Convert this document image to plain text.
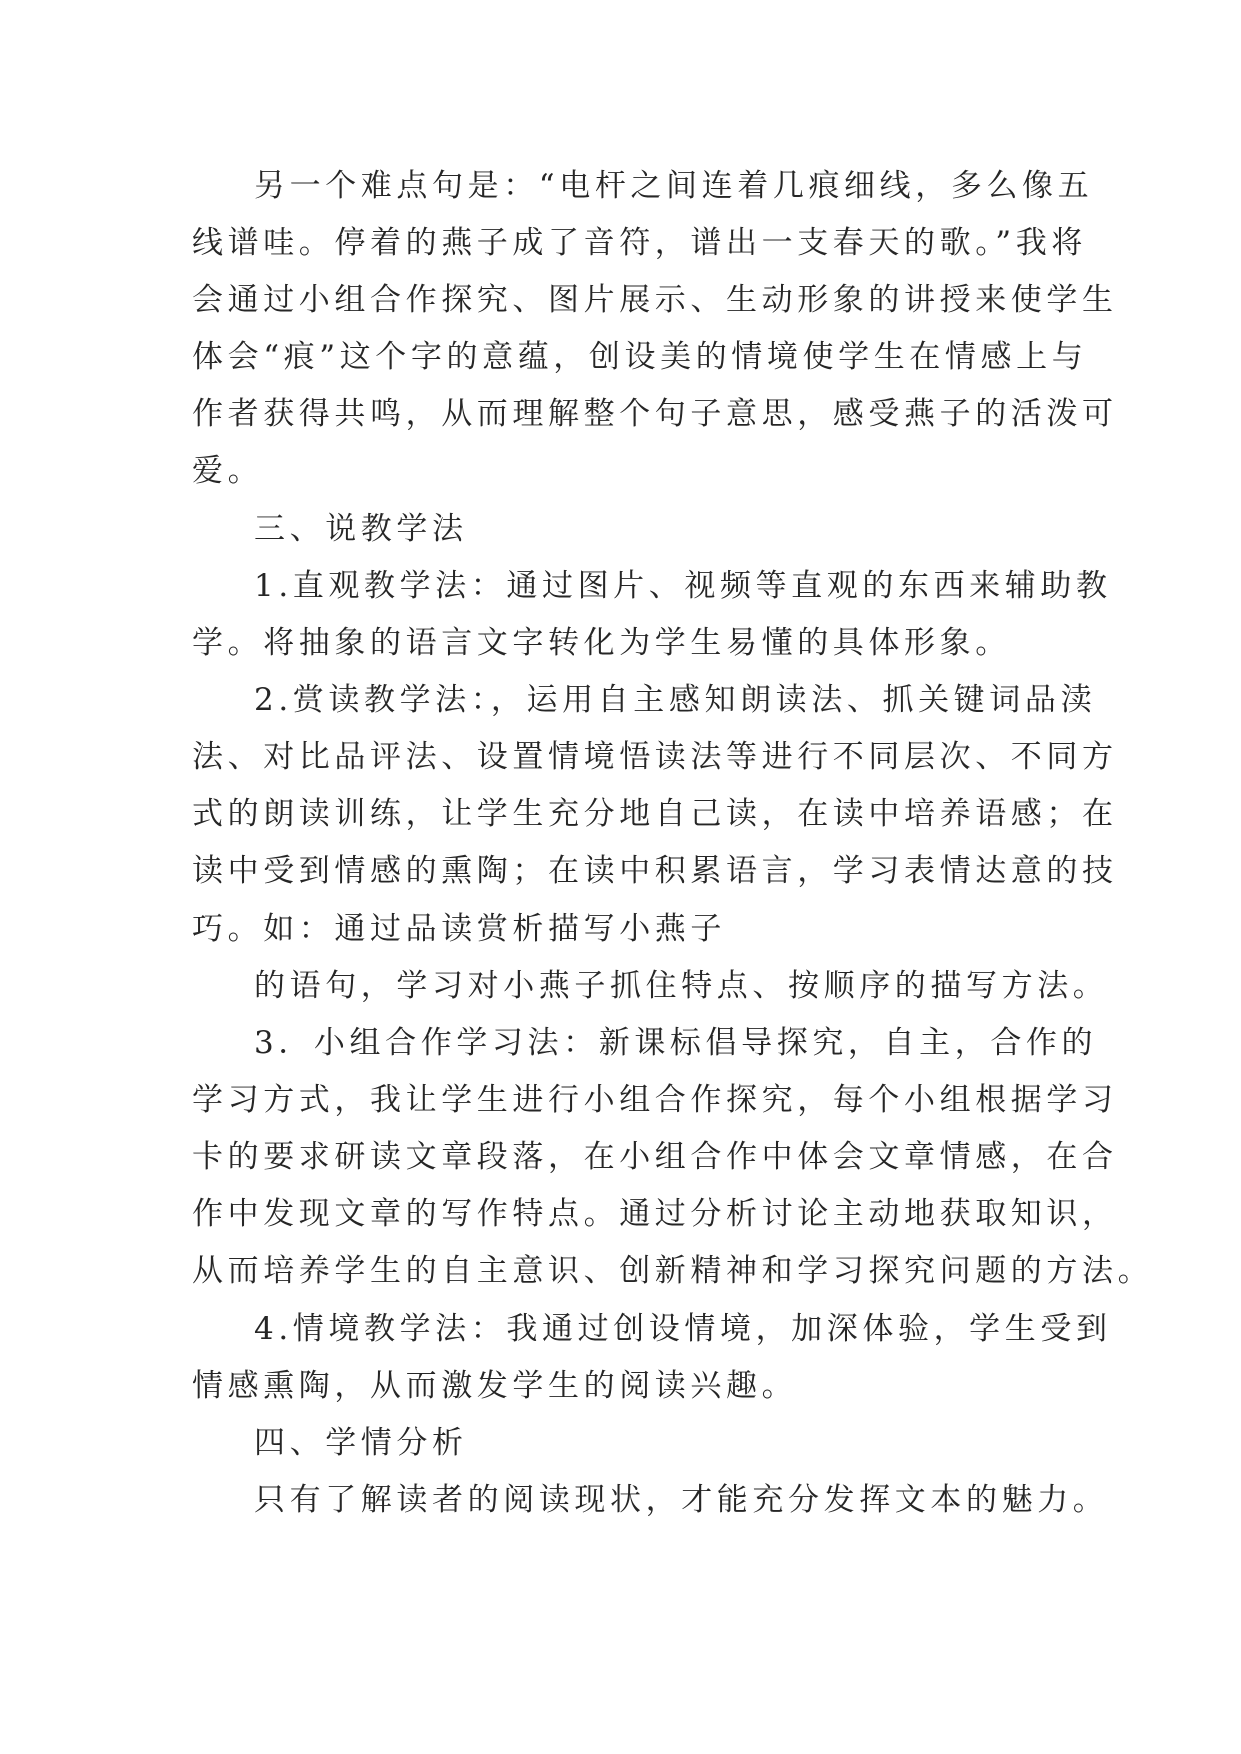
另一个难点句是：“电杆之间连着几痕细线，多么像五

线谱哇。停着的燕子成了音符，谱出一支春天的歌。”我将

会通过小组合作探究、图片展示、生动形象的讲授来使学生

体会“痕”这个字的意蕴，创设美的情境使学生在情感上与

作者获得共鸣，从而理解整个句子意思，感受燕子的活泼可

爱。

三、说教学法

1.直观教学法：通过图片、视频等直观的东西来辅助教

学。将抽象的语言文字转化为学生易懂的具体形象。

2.赏读教学法：，运用自主感知朗读法、抓关键词品渎

法、对比品评法、设置情境悟读法等进行不同层次、不同方

式的朗读训练，让学生充分地自己读，在读中培养语感；在

读中受到情感的熏陶；在读中积累语言，学习表情达意的技

巧。如：通过品读赏析描写小燕子

的语句，学习对小燕子抓住特点、按顺序的描写方法。

3．小组合作学习法：新课标倡导探究，自主，合作的

学习方式，我让学生进行小组合作探究，每个小组根据学习

卡的要求研读文章段落，在小组合作中体会文章情感，在合

作中发现文章的写作特点。通过分析讨论主动地获取知识，

从而培养学生的自主意识、创新精神和学习探究问题的方法。

4.情境教学法：我通过创设情境，加深体验，学生受到

情感熏陶，从而激发学生的阅读兴趣。

四、学情分析

只有了解读者的阅读现状，才能充分发挥文本的魅力。
